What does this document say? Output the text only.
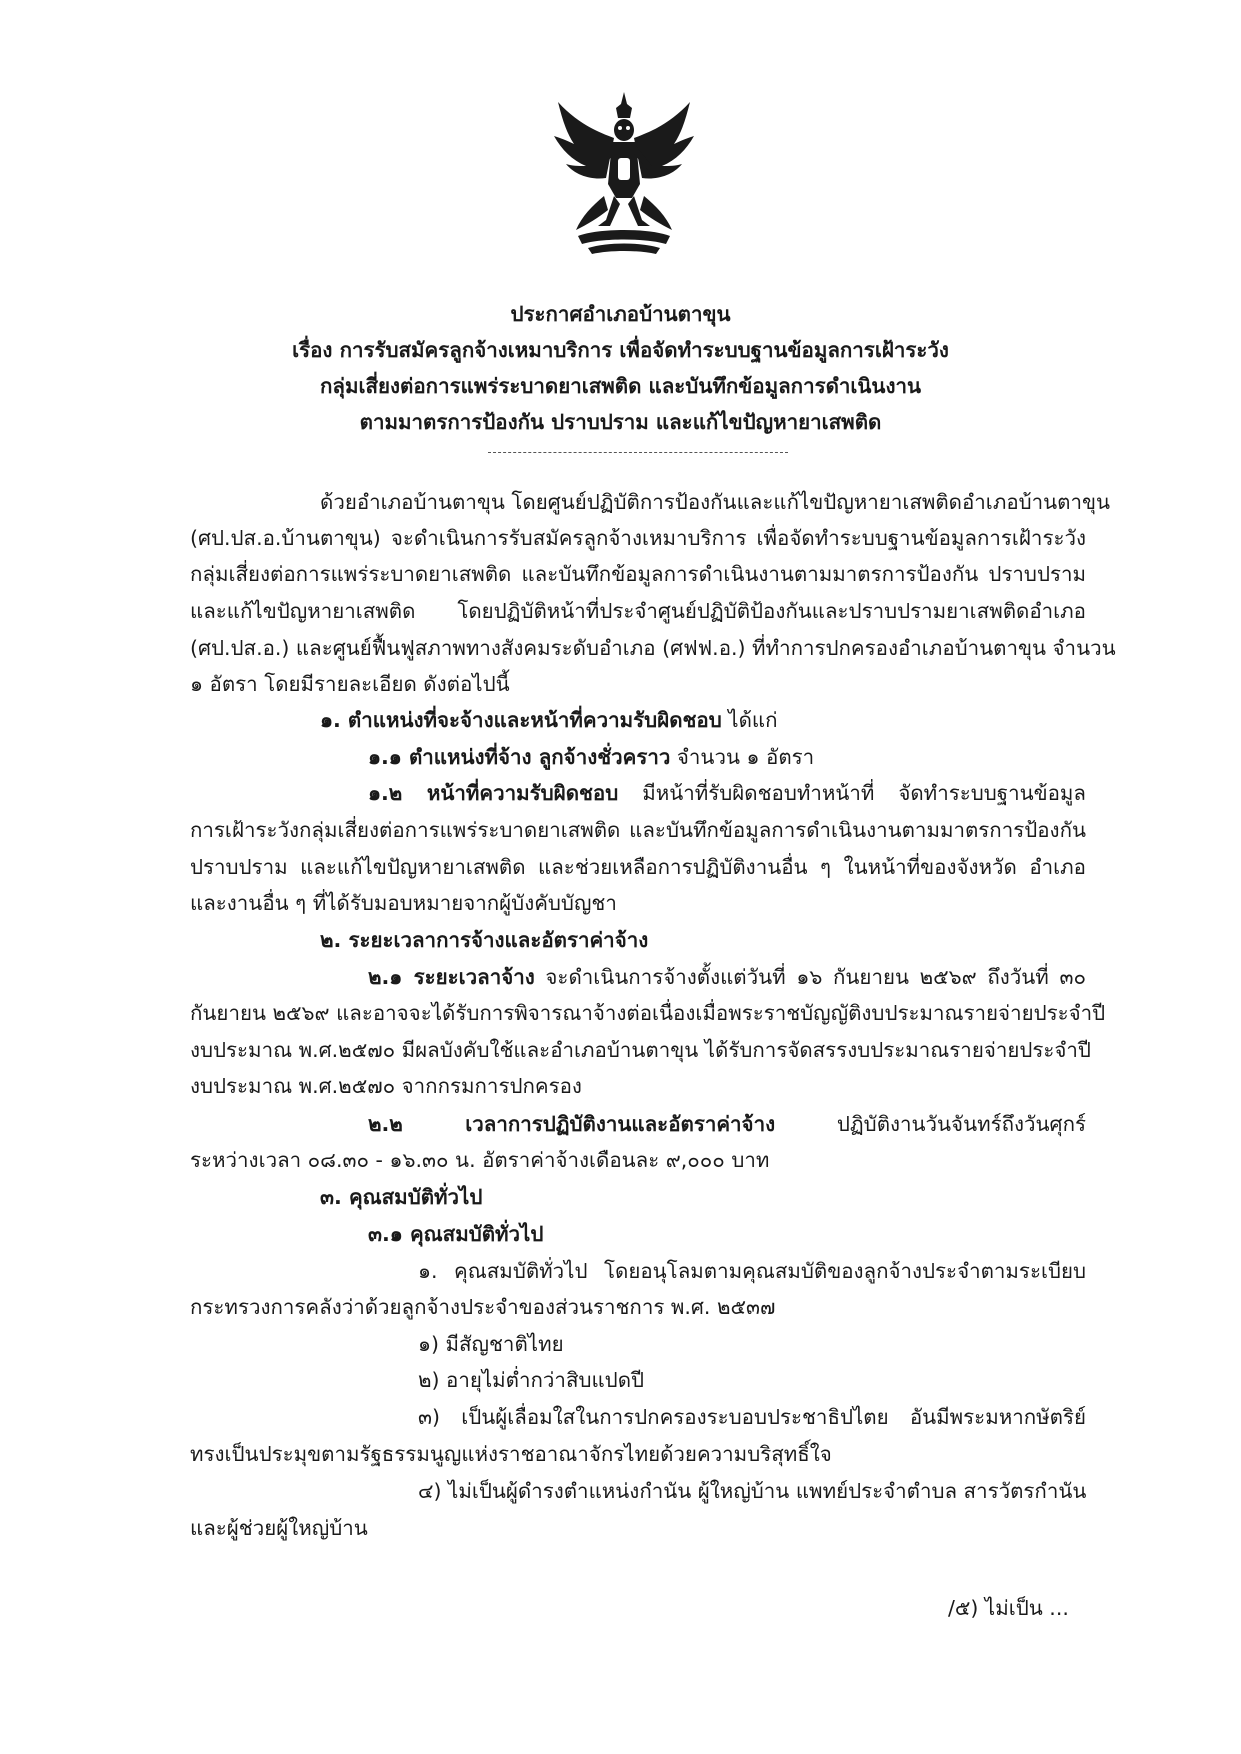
ประกาศอำเภอบ้านตาขุน
เรื่อง การรับสมัครลูกจ้างเหมาบริการ เพื่อจัดทำระบบฐานข้อมูลการเฝ้าระวัง
กลุ่มเสี่ยงต่อการแพร่ระบาดยาเสพติด และบันทึกข้อมูลการดำเนินงาน
ตามมาตรการป้องกัน ปราบปราม และแก้ไขปัญหายาเสพติด
ด้วยอำเภอบ้านตาขุน โดยศูนย์ปฏิบัติการป้องกันและแก้ไขปัญหายาเสพติดอำเภอบ้านตาขุน
(ศป.ปส.อ.บ้านตาขุน) จะดำเนินการรับสมัครลูกจ้างเหมาบริการ เพื่อจัดทำระบบฐานข้อมูลการเฝ้าระวัง
กลุ่มเสี่ยงต่อการแพร่ระบาดยาเสพติด และบันทึกข้อมูลการดำเนินงานตามมาตรการป้องกัน ปราบปราม
และแก้ไขปัญหายาเสพติด โดยปฏิบัติหน้าที่ประจำศูนย์ปฏิบัติป้องกันและปราบปรามยาเสพติดอำเภอ
(ศป.ปส.อ.) และศูนย์ฟื้นฟูสภาพทางสังคมระดับอำเภอ (ศฟฟ.อ.) ที่ทำการปกครองอำเภอบ้านตาขุน จำนวน
๑ อัตรา โดยมีรายละเอียด ดังต่อไปนี้
๑. ตำแหน่งที่จะจ้างและหน้าที่ความรับผิดชอบ ได้แก่
๑.๑ ตำแหน่งที่จ้าง ลูกจ้างชั่วคราว จำนวน ๑ อัตรา
๑.๒ หน้าที่ความรับผิดชอบ มีหน้าที่รับผิดชอบทำหน้าที่ จัดทำระบบฐานข้อมูล
การเฝ้าระวังกลุ่มเสี่ยงต่อการแพร่ระบาดยาเสพติด และบันทึกข้อมูลการดำเนินงานตามมาตรการป้องกัน
ปราบปราม และแก้ไขปัญหายาเสพติด และช่วยเหลือการปฏิบัติงานอื่น ๆ ในหน้าที่ของจังหวัด อำเภอ
และงานอื่น ๆ ที่ได้รับมอบหมายจากผู้บังคับบัญชา
๒. ระยะเวลาการจ้างและอัตราค่าจ้าง
๒.๑ ระยะเวลาจ้าง จะดำเนินการจ้างตั้งแต่วันที่ ๑๖ กันยายน ๒๕๖๙ ถึงวันที่ ๓๐
กันยายน ๒๕๖๙ และอาจจะได้รับการพิจารณาจ้างต่อเนื่องเมื่อพระราชบัญญัติงบประมาณรายจ่ายประจำปี
งบประมาณ พ.ศ.๒๕๗๐ มีผลบังคับใช้และอำเภอบ้านตาขุน ได้รับการจัดสรรงบประมาณรายจ่ายประจำปี
งบประมาณ พ.ศ.๒๕๗๐ จากกรมการปกครอง
๒.๒ เวลาการปฏิบัติงานและอัตราค่าจ้าง ปฏิบัติงานวันจันทร์ถึงวันศุกร์
ระหว่างเวลา ๐๘.๓๐ - ๑๖.๓๐ น. อัตราค่าจ้างเดือนละ ๙,๐๐๐ บาท
๓. คุณสมบัติทั่วไป
๓.๑ คุณสมบัติทั่วไป
๑. คุณสมบัติทั่วไป โดยอนุโลมตามคุณสมบัติของลูกจ้างประจำตามระเบียบ
กระทรวงการคลังว่าด้วยลูกจ้างประจำของส่วนราชการ พ.ศ. ๒๕๓๗
๑) มีสัญชาติไทย
๒) อายุไม่ต่ำกว่าสิบแปดปี
๓) เป็นผู้เลื่อมใสในการปกครองระบอบประชาธิปไตย อันมีพระมหากษัตริย์
ทรงเป็นประมุขตามรัฐธรรมนูญแห่งราชอาณาจักรไทยด้วยความบริสุทธิ์ใจ
๔) ไม่เป็นผู้ดำรงตำแหน่งกำนัน ผู้ใหญ่บ้าน แพทย์ประจำตำบล สารวัตรกำนัน
และผู้ช่วยผู้ใหญ่บ้าน
/๕) ไม่เป็น ...
